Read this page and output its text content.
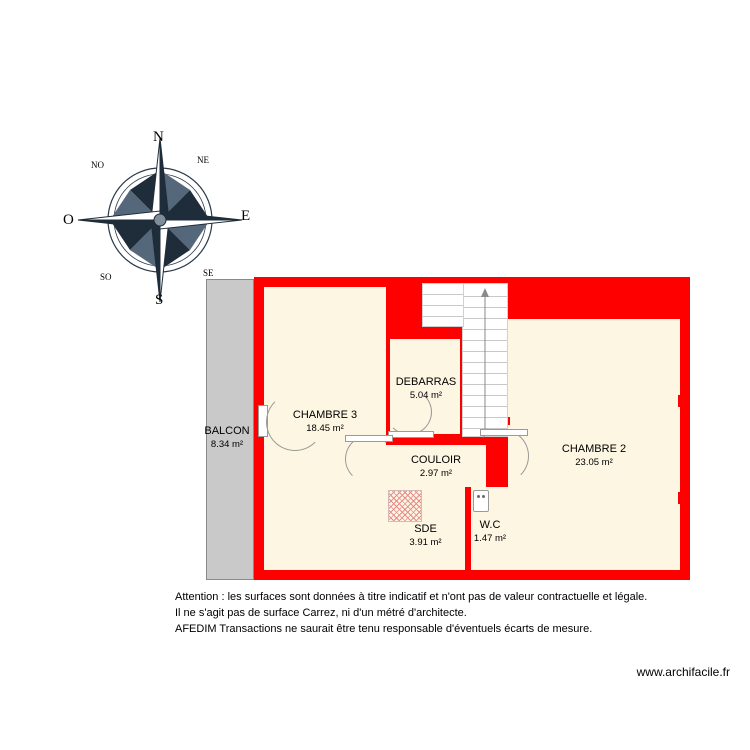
N
E
S
O
NE
SE
SO
NO
BALCON
8.34 m²
CHAMBRE 3
18.45 m²
DEBARRAS
5.04 m²
COULOIR
2.97 m²
SDE
3.91 m²
W.C
1.47 m²
CHAMBRE 2
23.05 m²
Attention : les surfaces sont données à titre indicatif et n'ont pas de valeur contractuelle et légale.
Il ne s'agit pas de surface Carrez, ni d'un métré d'architecte.
AFEDIM Transactions ne saurait être tenu responsable d'éventuels écarts de mesure.
www.archifacile.fr
